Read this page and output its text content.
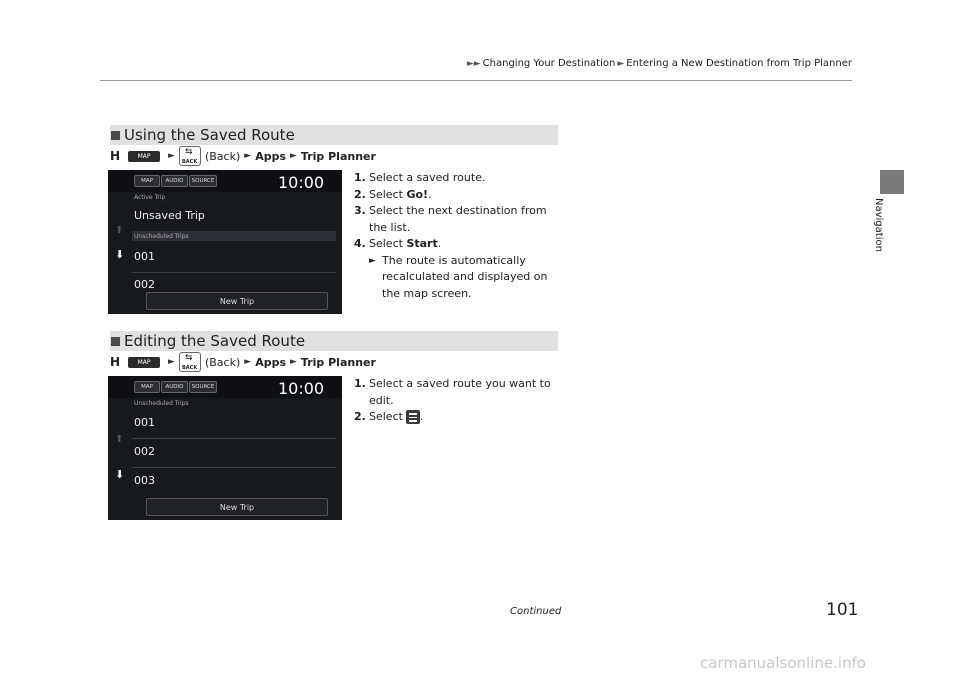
►► Changing Your Destination ► Entering a New Destination from Trip Planner
Navigation
Using the Saved Route
H	MAP	► ⇆
BACK (Back) ► Apps ► Trip Planner
MAP	AUDIO	SOURCE	10:00
⬆
⬇
Active Trip
Unsaved Trip
Unscheduled Trips
001
002
New Trip
1. Select a saved route.
2. Select Go!.
3. Select the next destination from
the list.
4. Select Start.
► The route is automatically
recalculated and displayed on
the map screen.
Editing the Saved Route
H	MAP	► ⇆
BACK (Back) ► Apps ► Trip Planner
MAP	AUDIO	SOURCE	10:00
⬆
⬇
Unscheduled Trips
001
002
003
New Trip
1. Select a saved route you want to
edit.
2. Select .
Continued	101
carmanualsonline.info
